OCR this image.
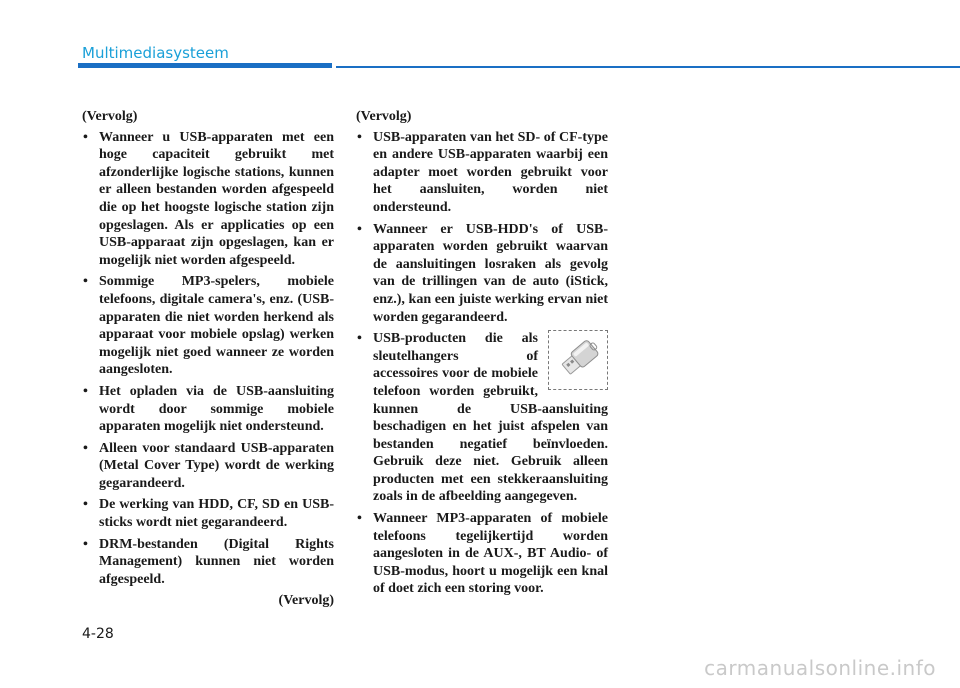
Multimediasysteem

(Vervolg)

• Wanneer u USB-apparaten met een hoge capaciteit gebruikt met afzonderlijke logische stations, kunnen er alleen bestanden worden afgespeeld die op het hoogste logische station zijn opgeslagen. Als er applicaties op een USB-apparaat zijn opgeslagen, kan er mogelijk niet worden afgespeeld.
• Sommige MP3-spelers, mobiele telefoons, digitale camera's, enz. (USB-apparaten die niet worden herkend als apparaat voor mobiele opslag) werken mogelijk niet goed wanneer ze worden aangesloten.
• Het opladen via de USB-aansluiting wordt door sommige mobiele apparaten mogelijk niet ondersteund.
• Alleen voor standaard USB-apparaten (Metal Cover Type) wordt de werking gegarandeerd.
• De werking van HDD, CF, SD en USB-sticks wordt niet gegarandeerd.
• DRM-bestanden (Digital Rights Management) kunnen niet worden afgespeeld.

(Vervolg)

(Vervolg)

• USB-apparaten van het SD- of CF-type en andere USB-apparaten waarbij een adapter moet worden gebruikt voor het aansluiten, worden niet ondersteund.
• Wanneer er USB-HDD's of USB-apparaten worden gebruikt waarvan de aansluitingen losraken als gevolg van de trillingen van de auto (iStick, enz.), kan een juiste werking ervan niet worden gegarandeerd.
• USB-producten die als sleutelhangers of accessoires voor de mobiele telefoon worden gebruikt, kunnen de USB-aansluiting beschadigen en het juist afspelen van bestanden negatief beïnvloeden. Gebruik deze niet. Gebruik alleen producten met een stekkeraansluiting zoals in de afbeelding aangegeven.
• Wanneer MP3-apparaten of mobiele telefoons tegelijkertijd worden aangesloten in de AUX-, BT Audio- of USB-modus, hoort u mogelijk een knal of doet zich een storing voor.
4-28
carmanualsonline.info
